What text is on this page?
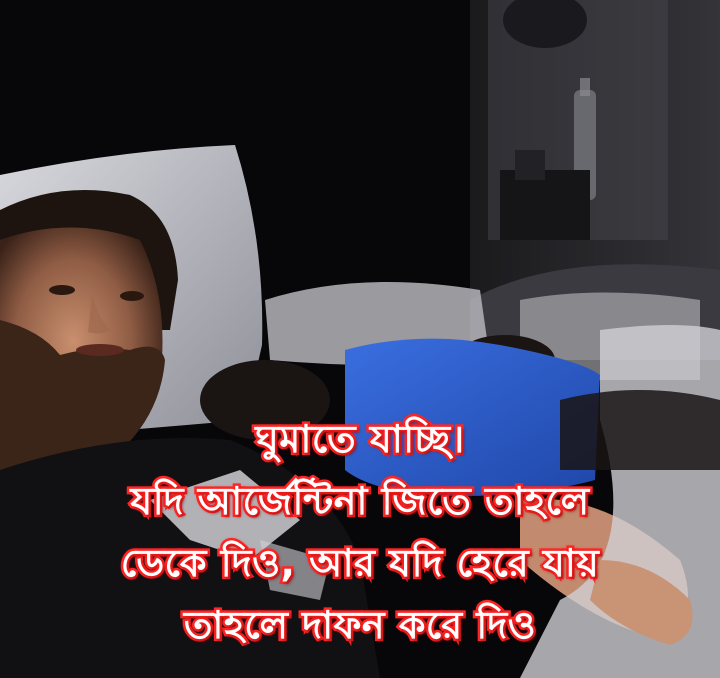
ঘুমাতে যাচ্ছি।
যদি আর্জেন্টিনা জিতে তাহলে
ডেকে দিও, আর যদি হেরে যায়
তাহলে দাফন করে দিও
